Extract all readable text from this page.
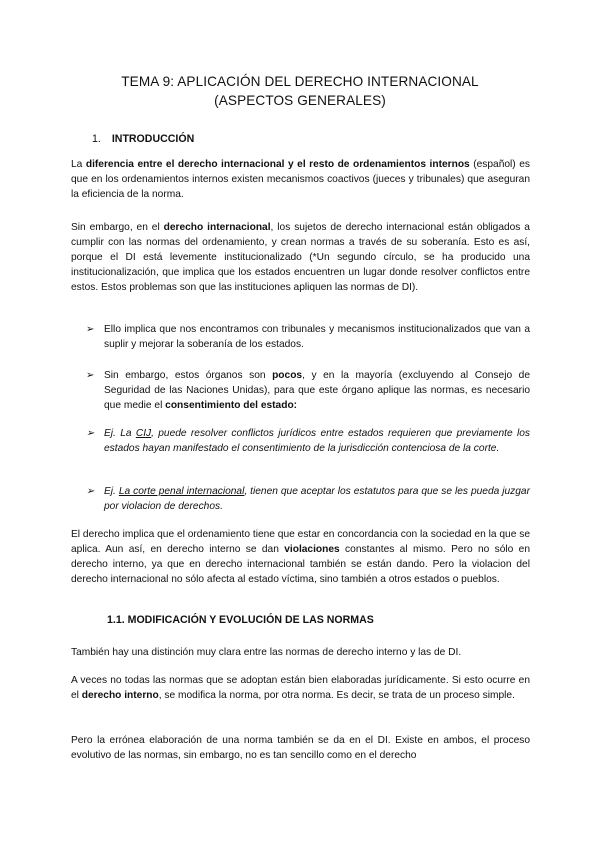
TEMA 9: APLICACIÓN DEL DERECHO INTERNACIONAL
(ASPECTOS GENERALES)
1. INTRODUCCIÓN

La diferencia entre el derecho internacional y el resto de ordenamientos internos (español) es que en los ordenamientos internos existen mecanismos coactivos (jueces y tribunales) que aseguran la eficiencia de la norma.

Sin embargo, en el derecho internacional, los sujetos de derecho internacional están obligados a cumplir con las normas del ordenamiento, y crean normas a través de su soberanía. Esto es así, porque el DI está levemente institucionalizado (*Un segundo círculo, se ha producido una institucionalización, que implica que los estados encuentren un lugar donde resolver conflictos entre estos. Estos problemas son que las instituciones apliquen las normas de DI).

➢ Ello implica que nos encontramos con tribunales y mecanismos institucionalizados que van a suplir y mejorar la soberanía de los estados.

➢ Sin embargo, estos órganos son pocos, y en la mayoría (excluyendo al Consejo de Seguridad de las Naciones Unidas), para que este órgano aplique las normas, es necesario que medie el consentimiento del estado:

➢ Ej. La CIJ, puede resolver conflictos jurídicos entre estados requieren que previamente los estados hayan manifestado el consentimiento de la jurisdicción contenciosa de la corte.

➢ Ej. La corte penal internacional, tienen que aceptar los estatutos para que se les pueda juzgar por violacion de derechos.

El derecho implica que el ordenamiento tiene que estar en concordancia con la sociedad en la que se aplica. Aun así, en derecho interno se dan violaciones constantes al mismo. Pero no sólo en derecho interno, ya que en derecho internacional también se están dando. Pero la violacion del derecho internacional no sólo afecta al estado víctima, sino también a otros estados o pueblos.

1.1. MODIFICACIÓN Y EVOLUCIÓN DE LAS NORMAS

También hay una distinción muy clara entre las normas de derecho interno y las de DI.

A veces no todas las normas que se adoptan están bien elaboradas jurídicamente. Si esto ocurre en el derecho interno, se modifica la norma, por otra norma. Es decir, se trata de un proceso simple.

Pero la errónea elaboración de una norma también se da en el DI. Existe en ambos, el proceso evolutivo de las normas, sin embargo, no es tan sencillo como en el derecho
